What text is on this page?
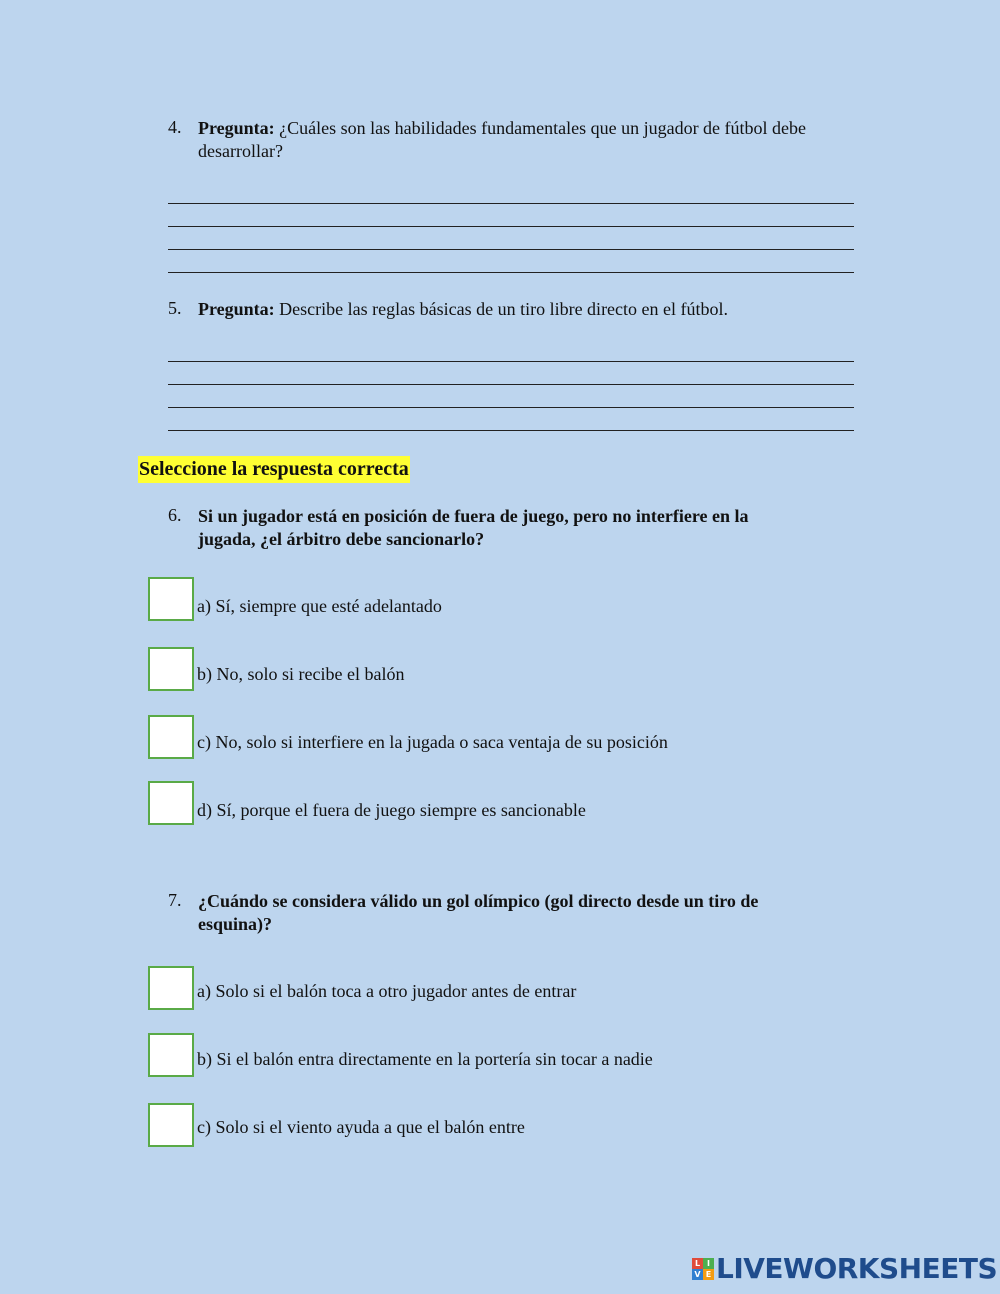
4. Pregunta: ¿Cuáles son las habilidades fundamentales que un jugador de fútbol debe
desarrollar?
5. Pregunta: Describe las reglas básicas de un tiro libre directo en el fútbol.
Seleccione la respuesta correcta
6. Si un jugador está en posición de fuera de juego, pero no interfiere en la
jugada, ¿el árbitro debe sancionarlo?
a) Sí, siempre que esté adelantado
b) No, solo si recibe el balón
c) No, solo si interfiere en la jugada o saca ventaja de su posición
d) Sí, porque el fuera de juego siempre es sancionable
7. ¿Cuándo se considera válido un gol olímpico (gol directo desde un tiro de
esquina)?
a) Solo si el balón toca a otro jugador antes de entrar
b) Si el balón entra directamente en la portería sin tocar a nadie
c) Solo si el viento ayuda a que el balón entre
L I
V E LIVEWORKSHEETS
